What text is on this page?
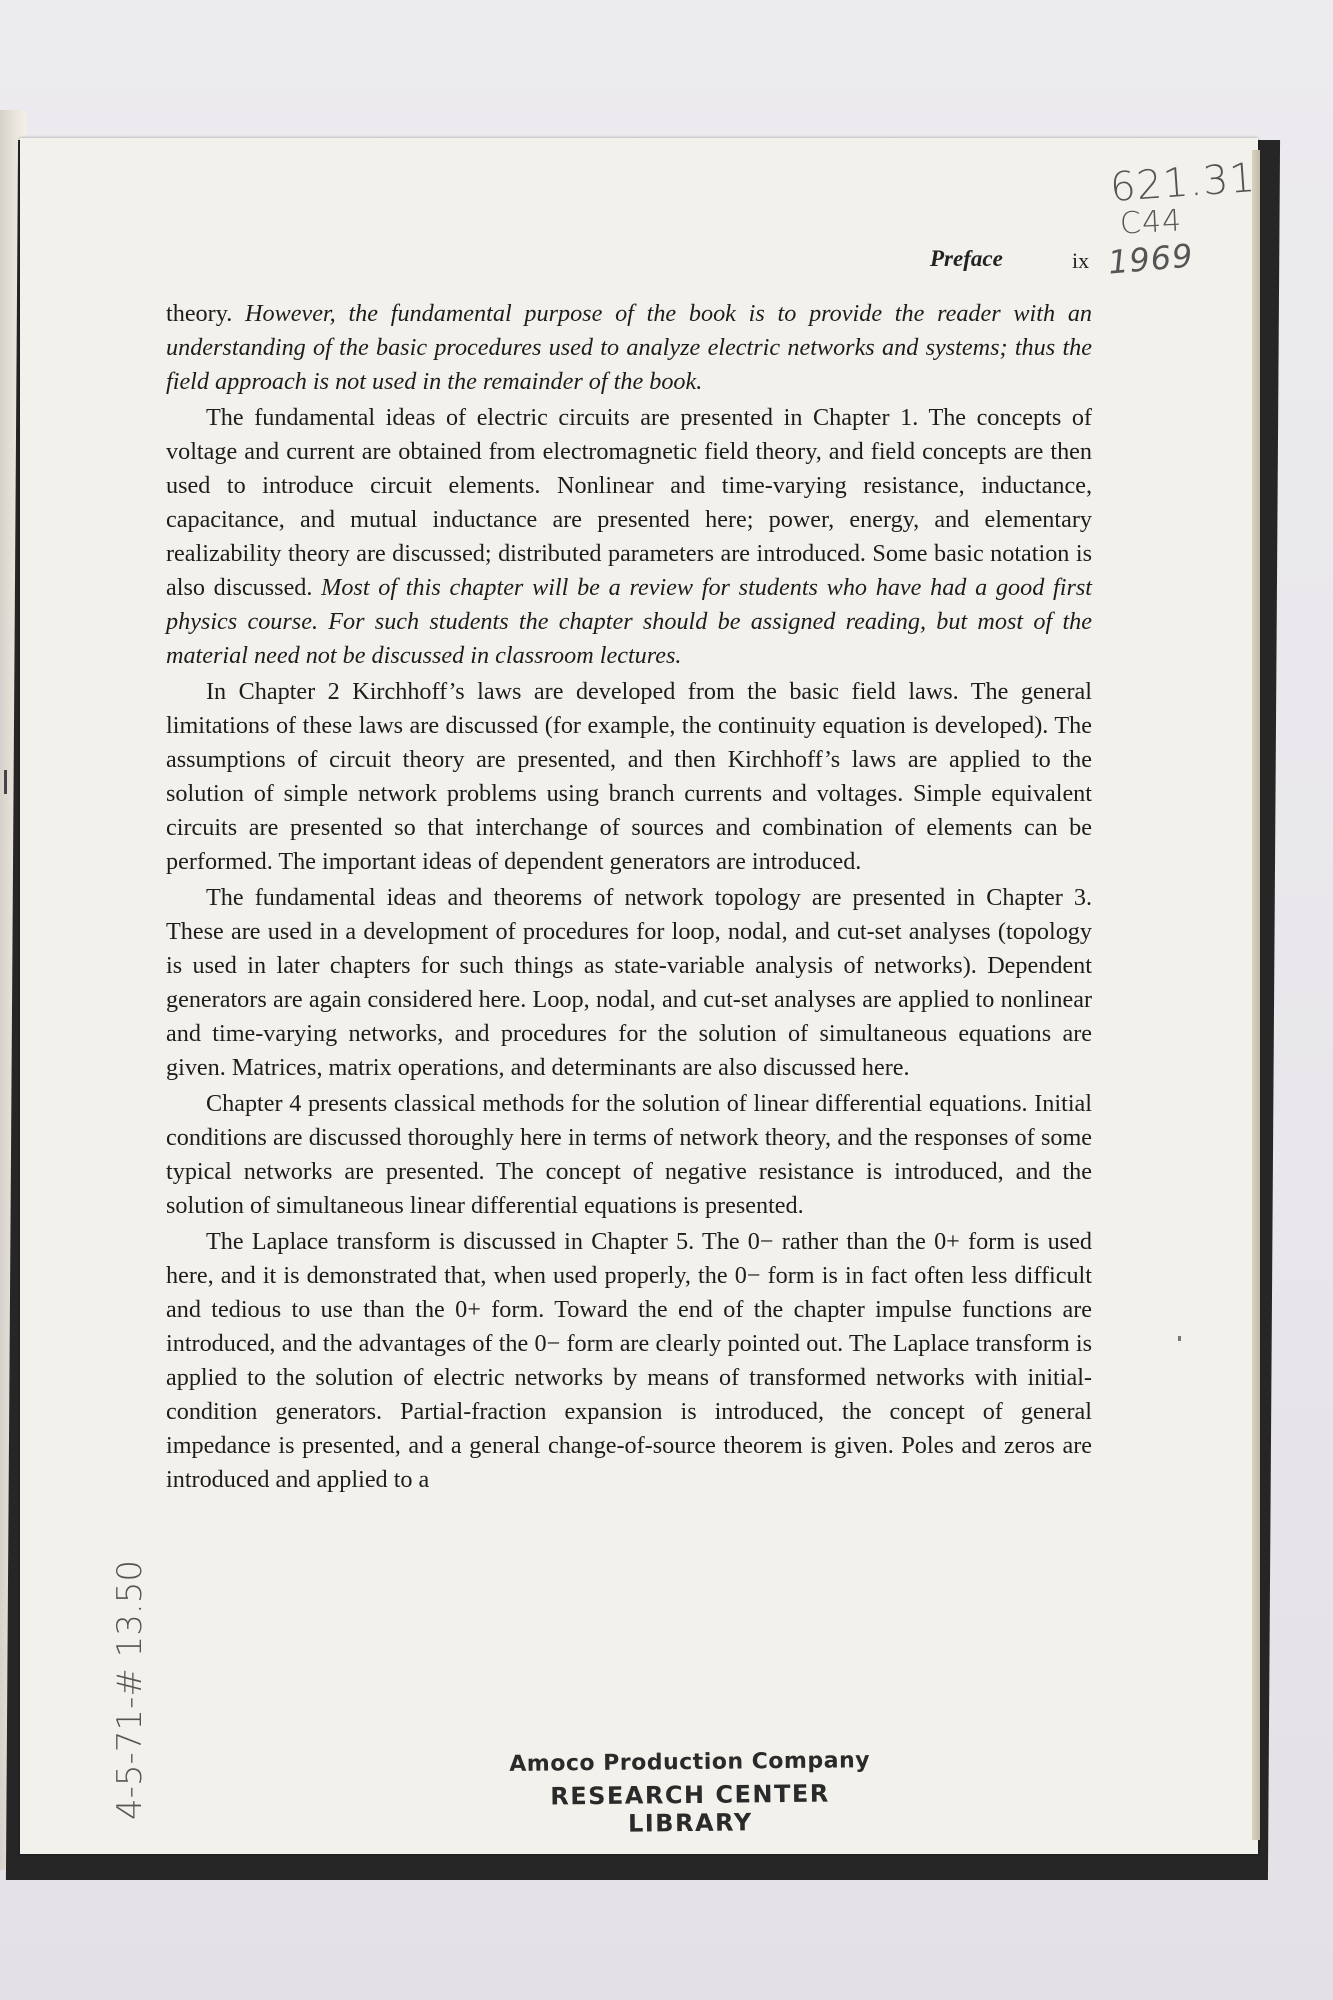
621.31
C44
1969
Preface	ix

theory. However, the fundamental purpose of the book is to provide the reader with an understanding of the basic procedures used to analyze electric networks and systems; thus the field approach is not used in the remainder of the book.

The fundamental ideas of electric circuits are presented in Chapter 1. The concepts of voltage and current are obtained from electromagnetic field theory, and field concepts are then used to introduce circuit elements. Nonlinear and time-varying resistance, inductance, capacitance, and mutual inductance are presented here; power, energy, and elementary realizability theory are discussed; distributed parameters are introduced. Some basic notation is also discussed. Most of this chapter will be a review for students who have had a good first physics course. For such students the chapter should be assigned reading, but most of the material need not be discussed in classroom lectures.

In Chapter 2 Kirchhoff’s laws are developed from the basic field laws. The general limitations of these laws are discussed (for example, the continuity equation is developed). The assumptions of circuit theory are presented, and then Kirchhoff’s laws are applied to the solution of simple network problems using branch currents and voltages. Simple equivalent circuits are presented so that interchange of sources and combination of elements can be performed. The important ideas of dependent generators are introduced.

The fundamental ideas and theorems of network topology are presented in Chapter 3. These are used in a development of procedures for loop, nodal, and cut-set analyses (topology is used in later chapters for such things as state-variable analysis of networks). Dependent generators are again considered here. Loop, nodal, and cut-set analyses are applied to nonlinear and time-varying networks, and procedures for the solution of simultaneous equations are given. Matrices, matrix operations, and determinants are also discussed here.

Chapter 4 presents classical methods for the solution of linear differential equations. Initial conditions are discussed thoroughly here in terms of network theory, and the responses of some typical networks are presented. The concept of negative resistance is introduced, and the solution of simultaneous linear differential equations is presented.

The Laplace transform is discussed in Chapter 5. The 0− rather than the 0+ form is used here, and it is demonstrated that, when used properly, the 0− form is in fact often less difficult and tedious to use than the 0+ form. Toward the end of the chapter impulse functions are introduced, and the advantages of the 0− form are clearly pointed out. The Laplace transform is applied to the solution of electric networks by means of transformed networks with initial-condition generators. Partial-fraction expansion is introduced, the concept of general impedance is presented, and a general change-of-source theorem is given. Poles and zeros are introduced and applied to a

4-5-71-# 13.50	Amoco Production Company
RESEARCH CENTER LIBRARY
